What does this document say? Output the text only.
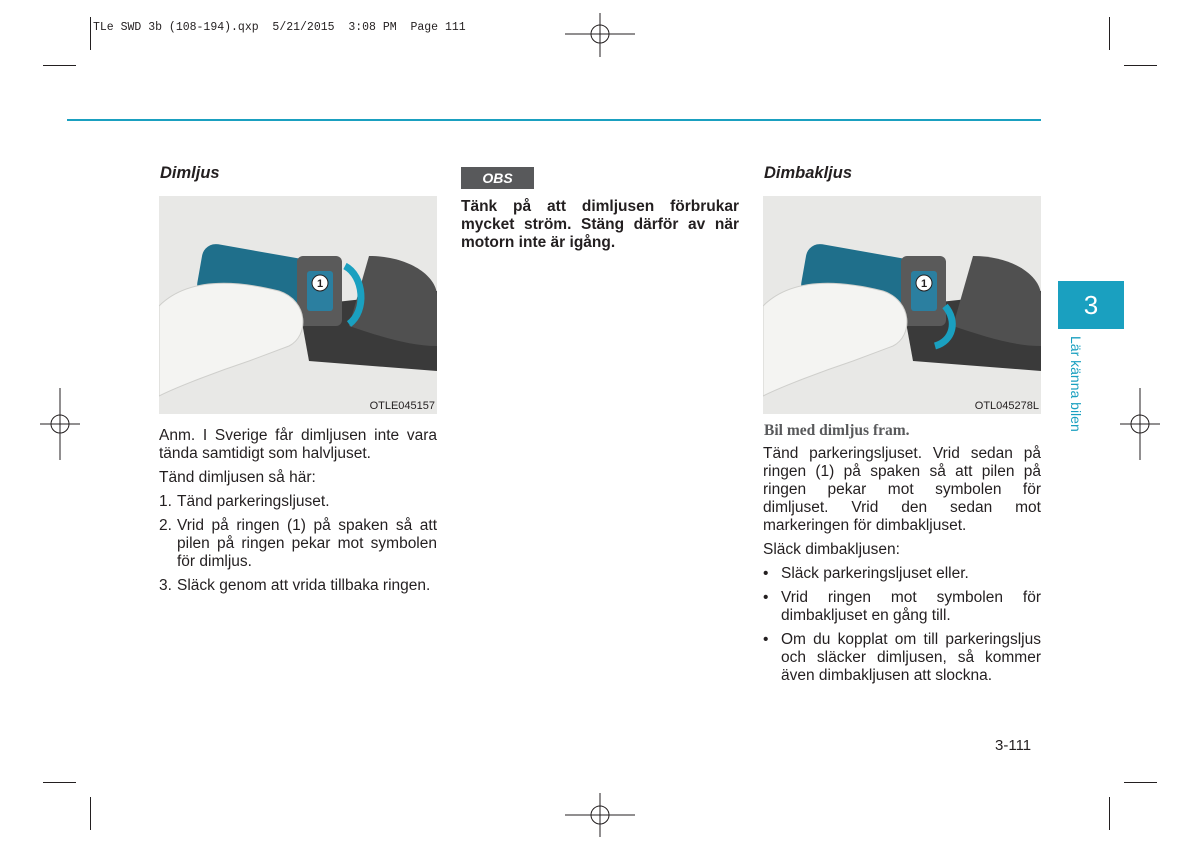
TLe SWD 3b (108-194).qxp  5/21/2015  3:08 PM  Page 111
Dimljus
1
OTLE045157

Anm. I Sverige får dimljusen inte vara tända samtidigt som halvljuset.

Tänd dimljusen så här:

1. Tänd parkeringsljuset.
2. Vrid på ringen (1) på spaken så att pilen på ringen pekar mot symbolen för dimljus.
3. Släck genom att vrida tillbaka ringen.
OBS
Tänk på att dimljusen förbrukar mycket ström. Stäng därför av när motorn inte är igång.
Dimbakljus
1
OTL045278L
Bil med dimljus fram.

Tänd parkeringsljuset. Vrid sedan på ringen (1) på spaken så att pilen på ringen pekar mot symbolen för dimljuset. Vrid den sedan mot markeringen för dimbakljuset.

Släck dimbakljusen:

• Släck parkeringsljuset eller.
• Vrid ringen mot symbolen för dimbakljuset en gång till.
• Om du kopplat om till parkeringsljus och släcker dimljusen, så kommer även dimbakljusen att slockna.
3
Lär känna bilen
3-111
